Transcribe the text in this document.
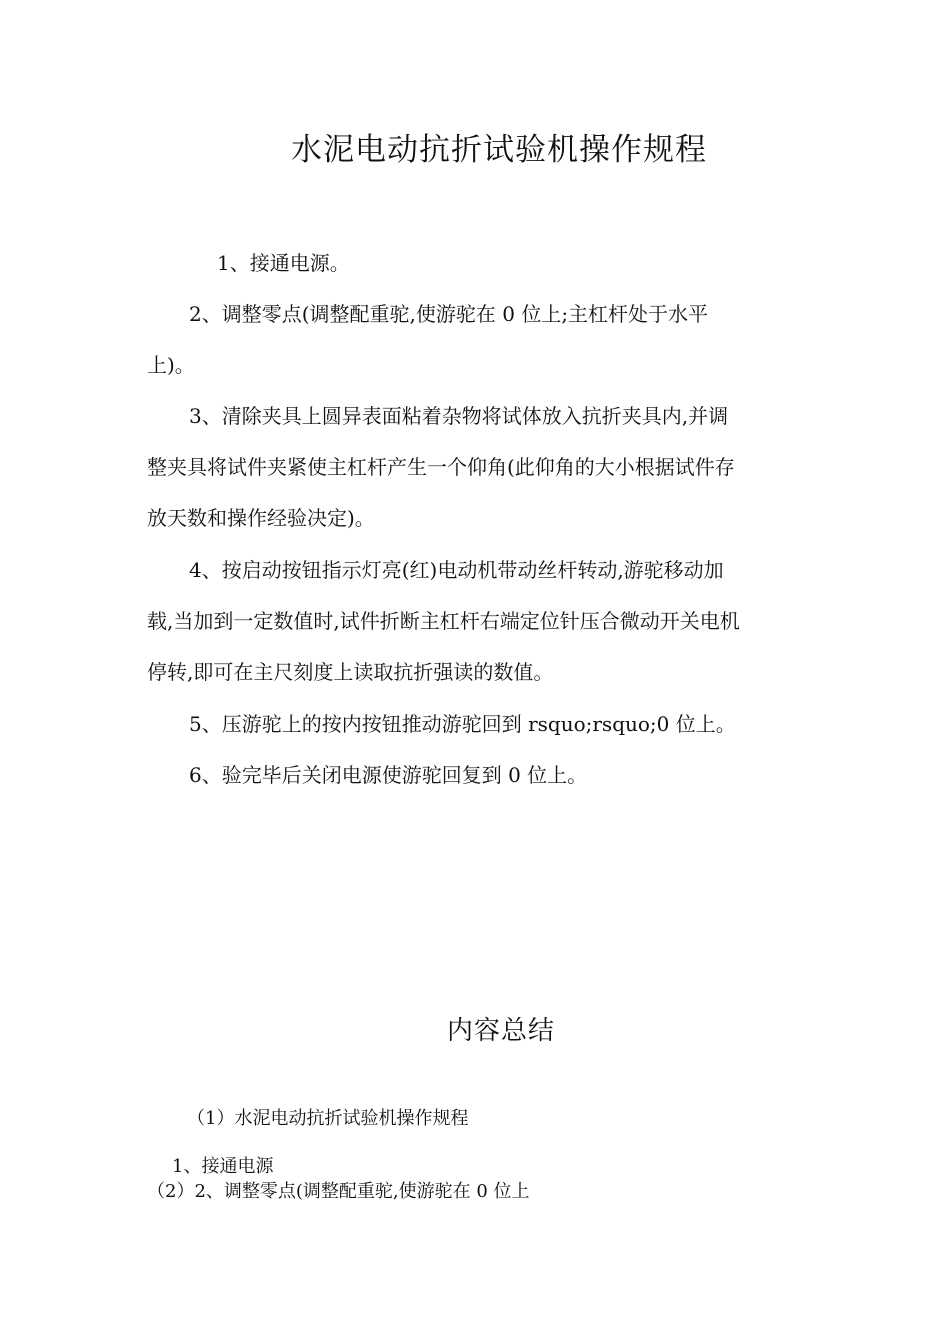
水泥电动抗折试验机操作规程
1、接通电源。
2、调整零点(调整配重驼,使游驼在 0 位上;主杠杆处于水平
上)。
3、清除夹具上圆异表面粘着杂物将试体放入抗折夹具内,并调
整夹具将试件夹紧使主杠杆产生一个仰角(此仰角的大小根据试件存
放天数和操作经验决定)。
4、按启动按钮指示灯亮(红)电动机带动丝杆转动,游驼移动加
载,当加到一定数值时,试件折断主杠杆右端定位针压合微动开关电机
停转,即可在主尺刻度上读取抗折强读的数值。
5、压游驼上的按内按钮推动游驼回到 rsquo;rsquo;0 位上。
6、验完毕后关闭电源使游驼回复到 0 位上。
内容总结
（1）水泥电动抗折试验机操作规程
1、接通电源
（2）2、调整零点(调整配重驼,使游驼在 0 位上
